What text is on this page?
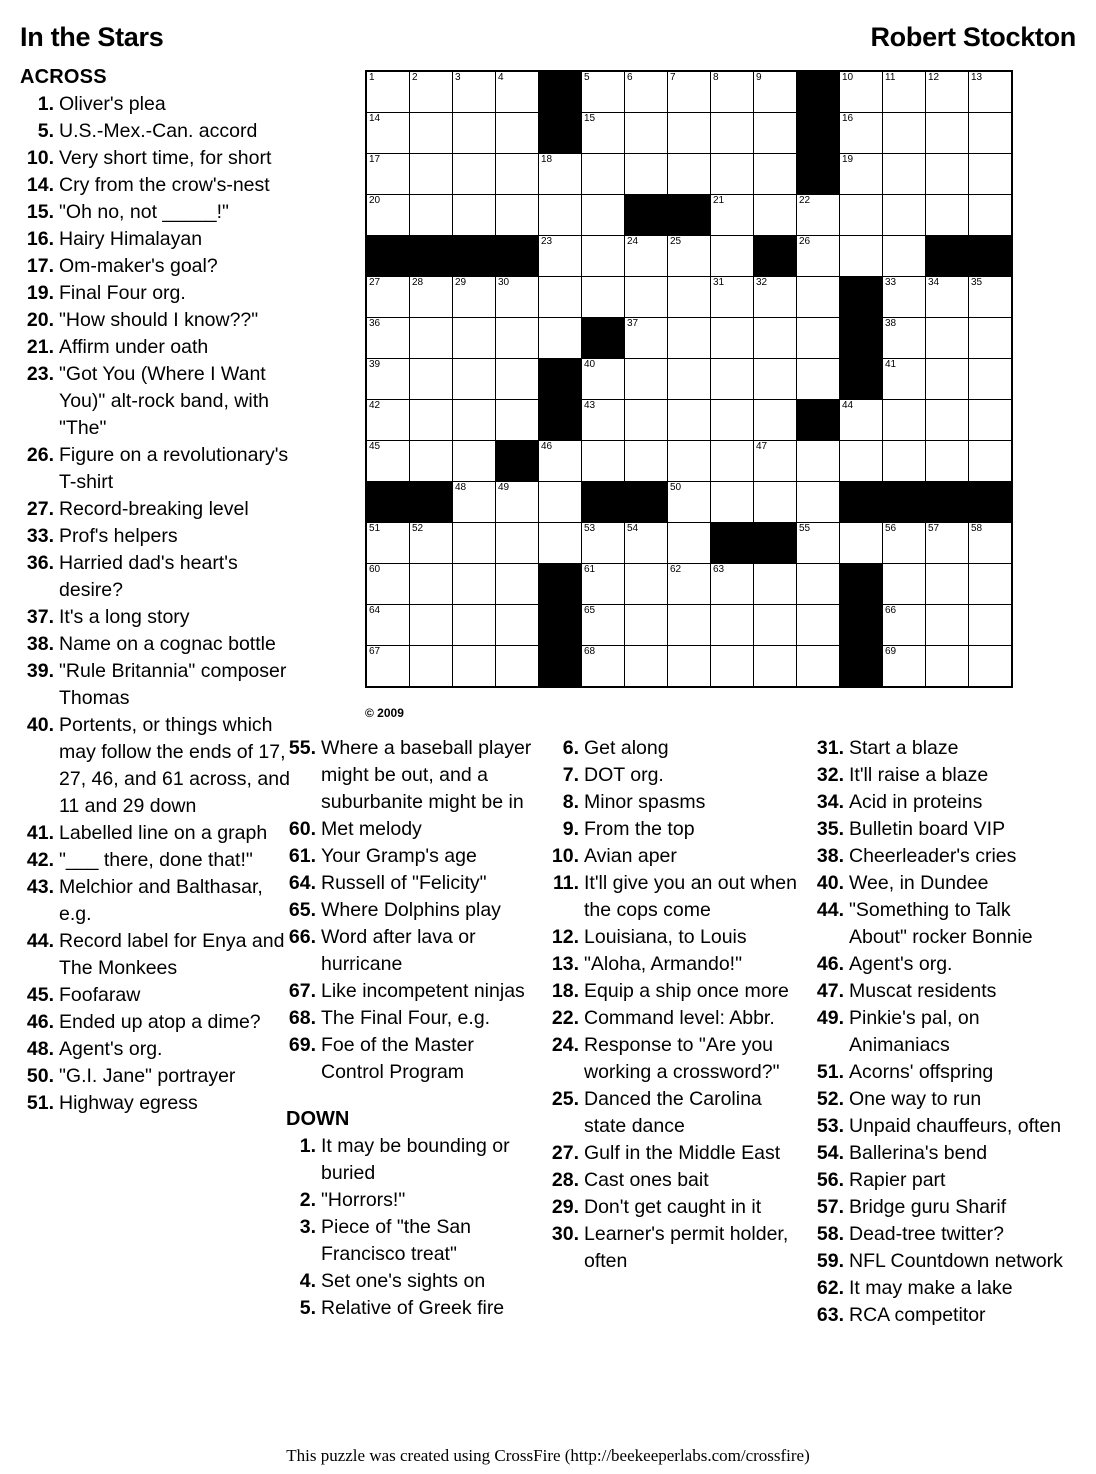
In the Stars	Robert Stockton
ACROSS
1. Oliver's plea
5. U.S.-Mex.-Can. accord
10. Very short time, for short
14. Cry from the crow's-nest
15. "Oh no, not _____!"
16. Hairy Himalayan
17. Om-maker's goal?
19. Final Four org.
20. "How should I know??"
21. Affirm under oath
23. "Got You (Where I Want You)" alt-rock band, with "The"
26. Figure on a revolutionary's T-shirt
27. Record-breaking level
33. Prof's helpers
36. Harried dad's heart's desire?
37. It's a long story
38. Name on a cognac bottle
39. "Rule Britannia" composer Thomas
40. Portents, or things which may follow the ends of 17, 27, 46, and 61 across, and 11 and 29 down
41. Labelled line on a graph
42. "___ there, done that!"
43. Melchior and Balthasar, e.g.
44. Record label for Enya and The Monkees
45. Foofaraw
46. Ended up atop a dime?
48. Agent's org.
50. "G.I. Jane" portrayer
51. Highway egress
1	2	3	4		5	6	7	8	9		10	11	12	13

14					15						16			

17				18							19			

20								21		22				

				23		24	25			26				

27	28	29	30					31	32			33	34	35

36						37						38		

39					40							41		

42					43						44			

45				46					47					

		48	49				50							

51	52				53	54				55		56	57	58

60					61		62	63						

64					65							66		

67					68							69		

© 2009
55. Where a baseball player might be out, and a suburbanite might be in
60. Met melody
61. Your Gramp's age
64. Russell of "Felicity"
65. Where Dolphins play
66. Word after lava or hurricane
67. Like incompetent ninjas
68. The Final Four, e.g.
69. Foe of the Master Control Program
DOWN
1. It may be bounding or buried
2. "Horrors!"
3. Piece of "the San Francisco treat"
4. Set one's sights on
5. Relative of Greek fire
6. Get along
7. DOT org.
8. Minor spasms
9. From the top
10. Avian aper
11. It'll give you an out when the cops come
12. Louisiana, to Louis
13. "Aloha, Armando!"
18. Equip a ship once more
22. Command level: Abbr.
24. Response to "Are you working a crossword?"
25. Danced the Carolina state dance
27. Gulf in the Middle East
28. Cast ones bait
29. Don't get caught in it
30. Learner's permit holder, often
31. Start a blaze
32. It'll raise a blaze
34. Acid in proteins
35. Bulletin board VIP
38. Cheerleader's cries
40. Wee, in Dundee
44. "Something to Talk About" rocker Bonnie
46. Agent's org.
47. Muscat residents
49. Pinkie's pal, on Animaniacs
51. Acorns' offspring
52. One way to run
53. Unpaid chauffeurs, often
54. Ballerina's bend
56. Rapier part
57. Bridge guru Sharif
58. Dead-tree twitter?
59. NFL Countdown network
62. It may make a lake
63. RCA competitor
This puzzle was created using CrossFire (http://beekeeperlabs.com/crossfire)
